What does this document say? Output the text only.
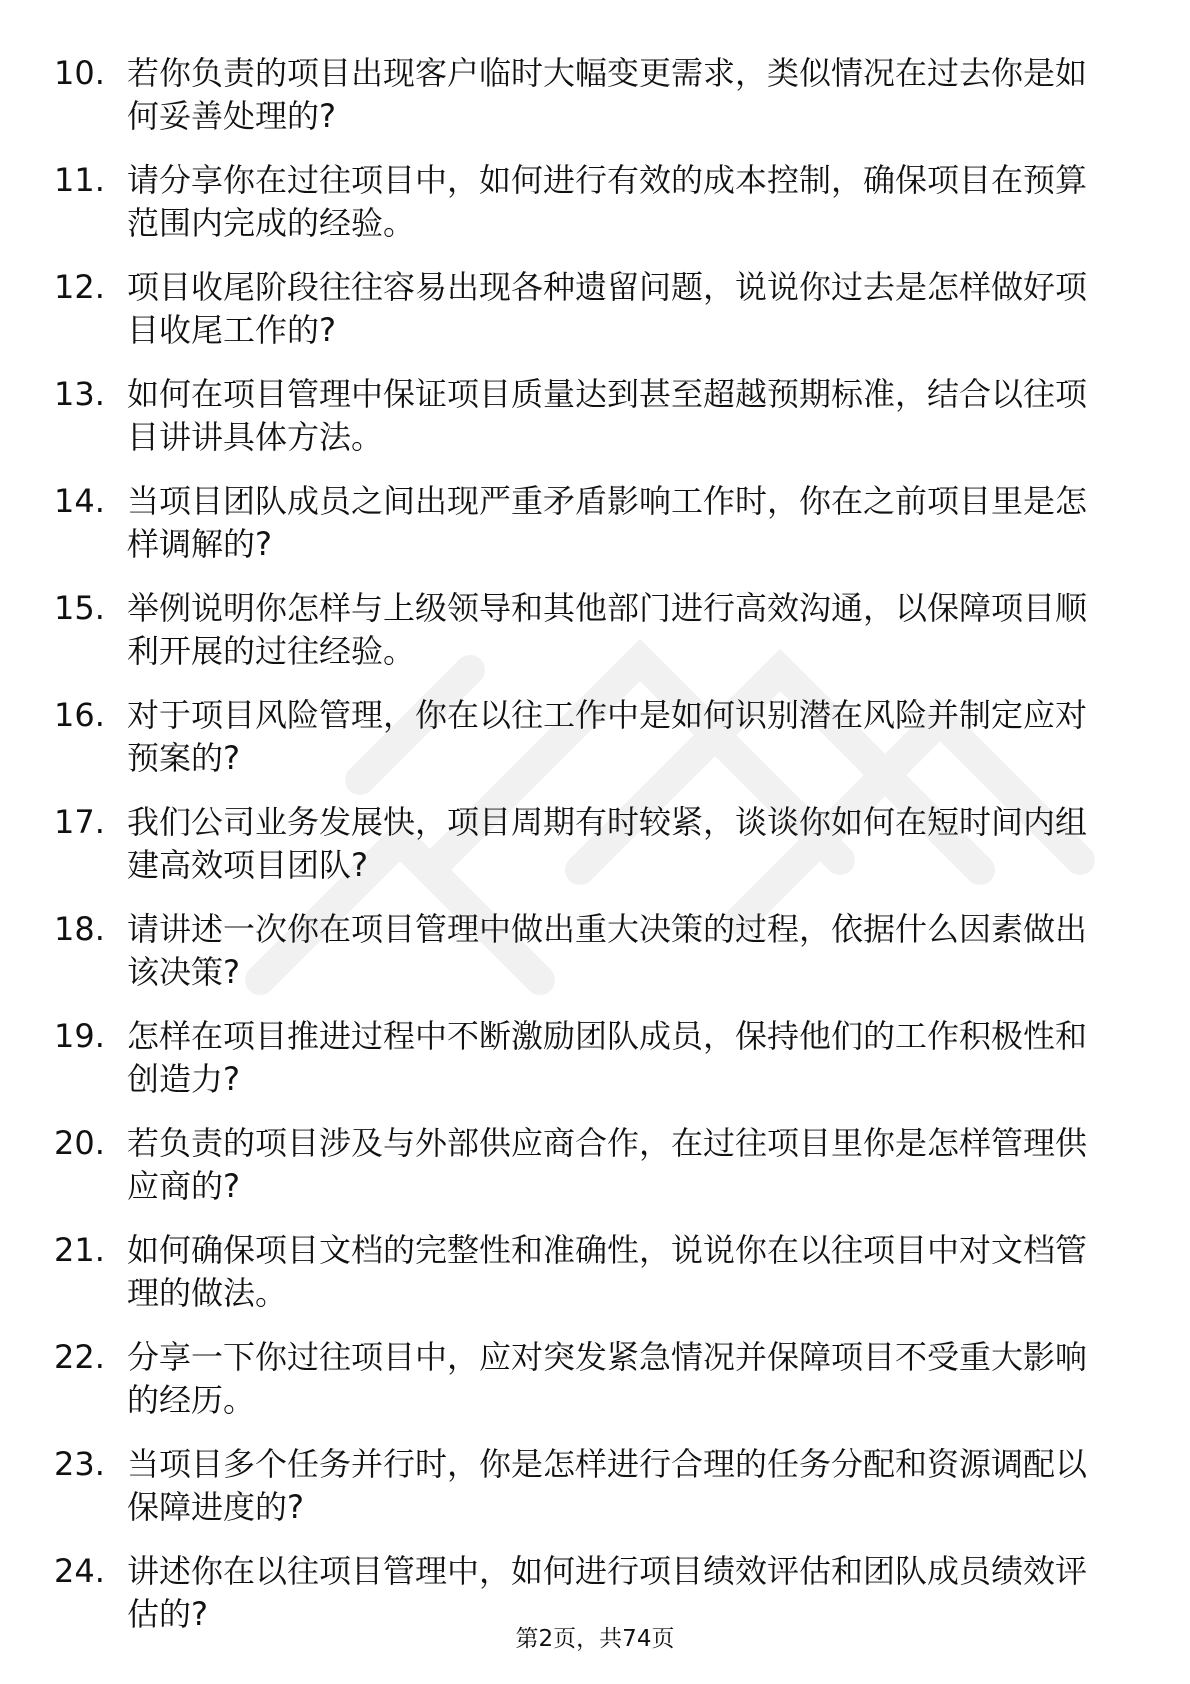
10. 若你负责的项目出现客户临时大幅变更需求，类似情况在过去你是如何妥善处理的?
11. 请分享你在过往项目中，如何进行有效的成本控制，确保项目在预算范围内完成的经验。
12. 项目收尾阶段往往容易出现各种遗留问题，说说你过去是怎样做好项目收尾工作的?
13. 如何在项目管理中保证项目质量达到甚至超越预期标准，结合以往项目讲讲具体方法。
14. 当项目团队成员之间出现严重矛盾影响工作时，你在之前项目里是怎样调解的?
15. 举例说明你怎样与上级领导和其他部门进行高效沟通，以保障项目顺利开展的过往经验。
16. 对于项目风险管理，你在以往工作中是如何识别潜在风险并制定应对预案的?
17. 我们公司业务发展快，项目周期有时较紧，谈谈你如何在短时间内组建高效项目团队?
18. 请讲述一次你在项目管理中做出重大决策的过程，依据什么因素做出该决策?
19. 怎样在项目推进过程中不断激励团队成员，保持他们的工作积极性和创造力?
20. 若负责的项目涉及与外部供应商合作，在过往项目里你是怎样管理供应商的?
21. 如何确保项目文档的完整性和准确性，说说你在以往项目中对文档管理的做法。
22. 分享一下你过往项目中，应对突发紧急情况并保障项目不受重大影响的经历。
23. 当项目多个任务并行时，你是怎样进行合理的任务分配和资源调配以保障进度的?
24. 讲述你在以往项目管理中，如何进行项目绩效评估和团队成员绩效评估的?
第2页，共74页
